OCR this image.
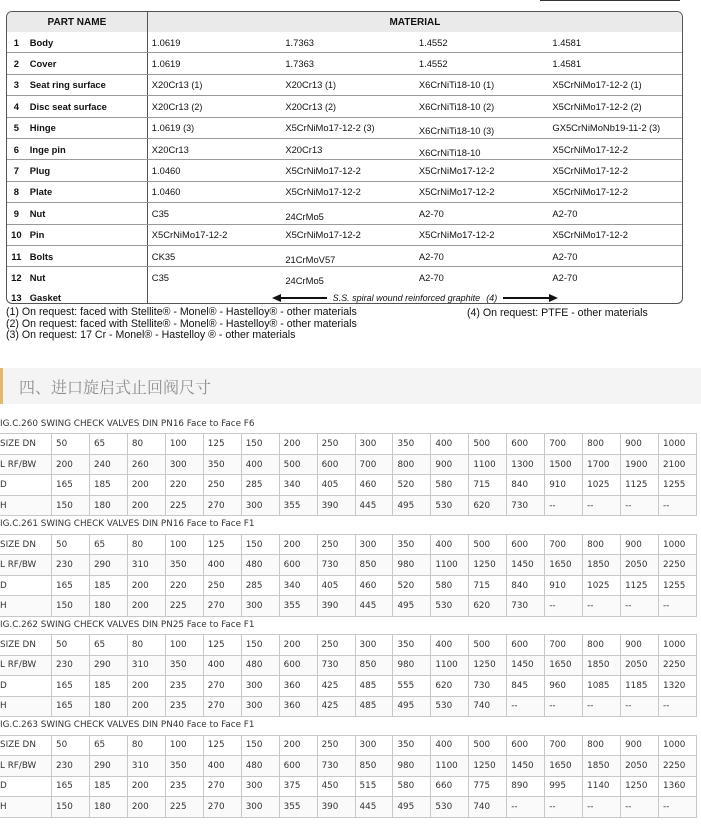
PART NAME		MATERIAL			
1	Body	1.0619	1.7363	1.4552	1.4581
2	Cover	1.0619	1.7363	1.4552	1.4581
3	Seat ring surface	X20Cr13 (1)	X20Cr13 (1)	X6CrNiTi18-10 (1)	X5CrNiMo17-12-2 (1)
4	Disc seat surface	X20Cr13 (2)	X20Cr13 (2)	X6CrNiTi18-10 (2)	X5CrNiMo17-12-2 (2)
5	Hinge	1.0619 (3)	X5CrNiMo17-12-2 (3)	X6CrNiTi18-10 (3)	GX5CrNiMoNb19-11-2 (3)
6	Inge pin	X20Cr13	X20Cr13	X6CrNiTi18-10	X5CrNiMo17-12-2
7	Plug	1.0460	X5CrNiMo17-12-2	X5CrNiMo17-12-2	X5CrNiMo17-12-2
8	Plate	1.0460	X5CrNiMo17-12-2	X5CrNiMo17-12-2	X5CrNiMo17-12-2
9	Nut	C35	24CrMo5	A2-70	A2-70
10	Pin	X5CrNiMo17-12-2	X5CrNiMo17-12-2	X5CrNiMo17-12-2	X5CrNiMo17-12-2
11	Bolts	CK35	21CrMoV57	A2-70	A2-70
12	Nut	C35	24CrMo5	A2-70	A2-70
13	Gasket	S.S. spiral wound reinforced graphite (4)			
(1) On request: faced with Stellite® - Monel® - Hastelloy® - other materials
(2) On request: faced with Stellite® - Monel® - Hastelloy® - other materials
(3) On request: 17 Cr - Monel® - Hastelloy ® - other materials
(4) On request: PTFE - other materials
四、进口旋启式止回阀尺寸
IG.C.260 SWING CHECK VALVES DIN PN16 Face to Face F6
SIZE DN	50	65	80	100	125	150	200	250	300	350	400	500	600	700	800	900	1000
L RF/BW	200	240	260	300	350	400	500	600	700	800	900	1100	1300	1500	1700	1900	2100
D	165	185	200	220	250	285	340	405	460	520	580	715	840	910	1025	1125	1255
H	150	180	200	225	270	300	355	390	445	495	530	620	730	--	--	--	--
IG.C.261 SWING CHECK VALVES DIN PN16 Face to Face F1
SIZE DN	50	65	80	100	125	150	200	250	300	350	400	500	600	700	800	900	1000
L RF/BW	230	290	310	350	400	480	600	730	850	980	1100	1250	1450	1650	1850	2050	2250
D	165	185	200	220	250	285	340	405	460	520	580	715	840	910	1025	1125	1255
H	150	180	200	225	270	300	355	390	445	495	530	620	730	--	--	--	--
IG.C.262 SWING CHECK VALVES DIN PN25 Face to Face F1
SIZE DN	50	65	80	100	125	150	200	250	300	350	400	500	600	700	800	900	1000
L RF/BW	230	290	310	350	400	480	600	730	850	980	1100	1250	1450	1650	1850	2050	2250
D	165	185	200	235	270	300	360	425	485	555	620	730	845	960	1085	1185	1320
H	165	180	200	235	270	300	360	425	485	495	530	740	--	--	--	--	--
IG.C.263 SWING CHECK VALVES DIN PN40 Face to Face F1
SIZE DN	50	65	80	100	125	150	200	250	300	350	400	500	600	700	800	900	1000
L RF/BW	230	290	310	350	400	480	600	730	850	980	1100	1250	1450	1650	1850	2050	2250
D	165	185	200	235	270	300	375	450	515	580	660	775	890	995	1140	1250	1360
H	150	180	200	225	270	300	355	390	445	495	530	740	--	--	--	--	--
